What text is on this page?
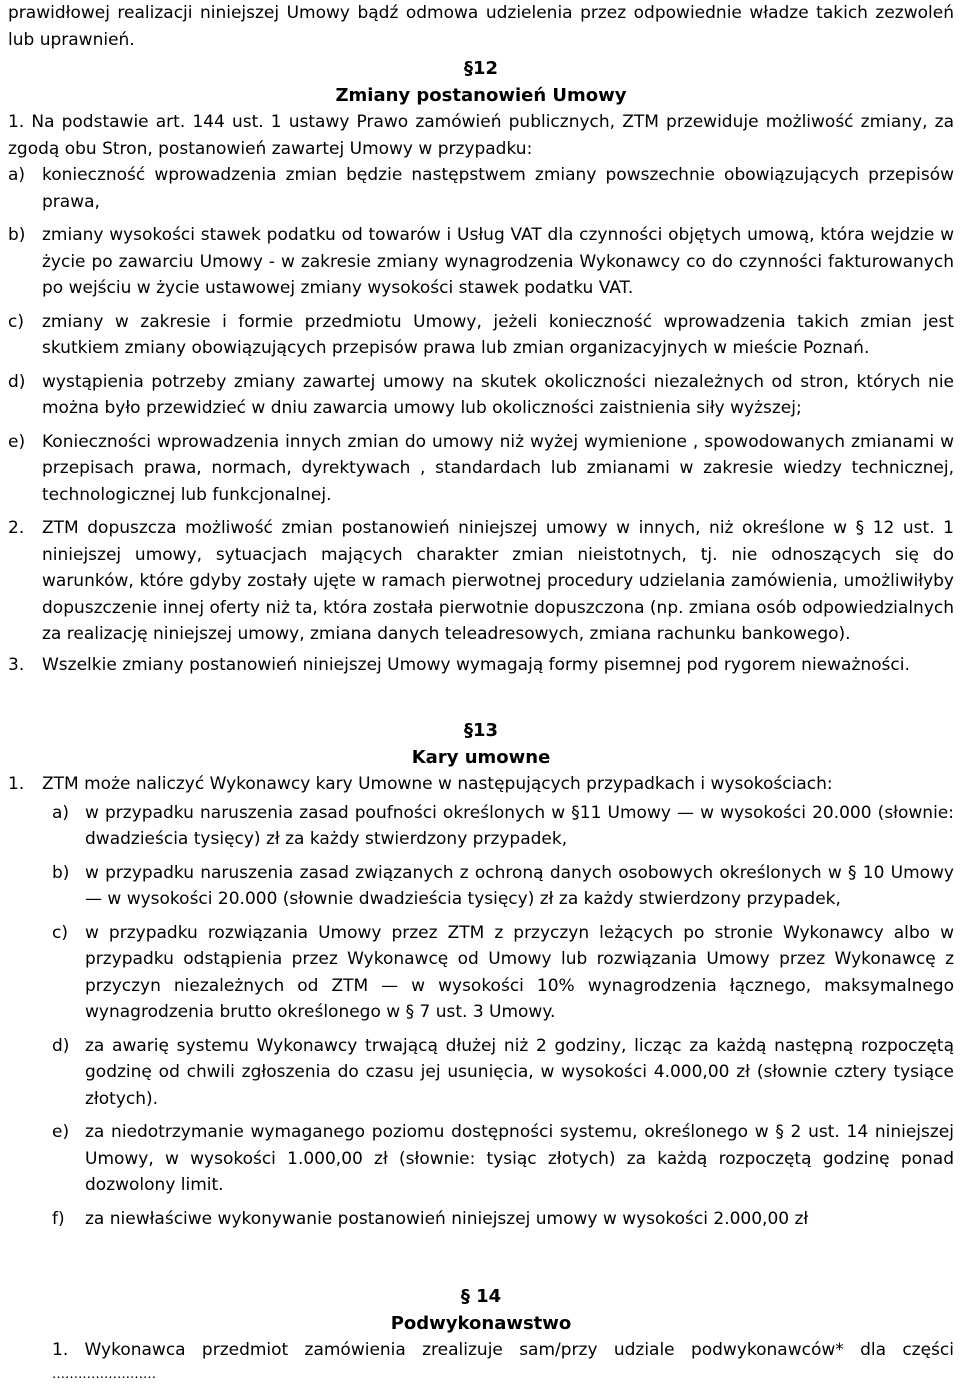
prawidłowej realizacji niniejszej Umowy bądź odmowa udzielenia przez odpowiednie władze takich zezwoleń lub uprawnień.

§12
Zmiany postanowień Umowy

1. Na podstawie art. 144 ust. 1 ustawy Prawo zamówień publicznych, ZTM przewiduje możliwość zmiany, za zgodą obu Stron, postanowień zawartej Umowy w przypadku:

a) konieczność wprowadzenia zmian będzie następstwem zmiany powszechnie obowiązujących przepisów prawa,
b) zmiany wysokości stawek podatku od towarów i Usług VAT dla czynności objętych umową, która wejdzie w życie po zawarciu Umowy - w zakresie zmiany wynagrodzenia Wykonawcy co do czynności fakturowanych po wejściu w życie ustawowej zmiany wysokości stawek podatku VAT.
c) zmiany w zakresie i formie przedmiotu Umowy, jeżeli konieczność wprowadzenia takich zmian jest skutkiem zmiany obowiązujących przepisów prawa lub zmian organizacyjnych w mieście Poznań.
d) wystąpienia potrzeby zmiany zawartej umowy na skutek okoliczności niezależnych od stron, których nie można było przewidzieć w dniu zawarcia umowy lub okoliczności zaistnienia siły wyższej;
e) Konieczności wprowadzenia innych zmian do umowy niż wyżej wymienione , spowodowanych zmianami w przepisach prawa, normach, dyrektywach , standardach lub zmianami w zakresie wiedzy technicznej, technologicznej lub funkcjonalnej.
2. ZTM dopuszcza możliwość zmian postanowień niniejszej umowy w innych, niż określone w § 12 ust. 1 niniejszej umowy, sytuacjach mających charakter zmian nieistotnych, tj. nie odnoszących się do warunków, które gdyby zostały ujęte w ramach pierwotnej procedury udzielania zamówienia, umożliwiłyby dopuszczenie innej oferty niż ta, która została pierwotnie dopuszczona (np. zmiana osób odpowiedzialnych za realizację niniejszej umowy, zmiana danych teleadresowych, zmiana rachunku bankowego).
3. Wszelkie zmiany postanowień niniejszej Umowy wymagają formy pisemnej pod rygorem nieważności.
§13
Kary umowne
1. ZTM może naliczyć Wykonawcy kary Umowne w następujących przypadkach i wysokościach:
a) w przypadku naruszenia zasad poufności określonych w §11 Umowy — w wysokości 20.000 (słownie: dwadzieścia tysięcy) zł za każdy stwierdzony przypadek,
b) w przypadku naruszenia zasad związanych z ochroną danych osobowych określonych w § 10 Umowy — w wysokości 20.000 (słownie dwadzieścia tysięcy) zł za każdy stwierdzony przypadek,
c) w przypadku rozwiązania Umowy przez ZTM z przyczyn leżących po stronie Wykonawcy albo w przypadku odstąpienia przez Wykonawcę od Umowy lub rozwiązania Umowy przez Wykonawcę z przyczyn niezależnych od ZTM — w wysokości 10% wynagrodzenia łącznego, maksymalnego wynagrodzenia brutto określonego w § 7 ust. 3 Umowy.
d) za awarię systemu Wykonawcy trwającą dłużej niż 2 godziny, licząc za każdą następną rozpoczętą godzinę od chwili zgłoszenia do czasu jej usunięcia, w wysokości 4.000,00 zł (słownie cztery tysiące złotych).
e) za niedotrzymanie wymaganego poziomu dostępności systemu, określonego w § 2 ust. 14 niniejszej Umowy, w wysokości 1.000,00 zł (słownie: tysiąc złotych) za każdą rozpoczętą godzinę ponad dozwolony limit.
f) za niewłaściwe wykonywanie postanowień niniejszej umowy w wysokości 2.000,00 zł
§ 14
Podwykonawstwo

1. Wykonawca przedmiot zamówienia zrealizuje sam/przy udziale podwykonawców* dla części

……………………
